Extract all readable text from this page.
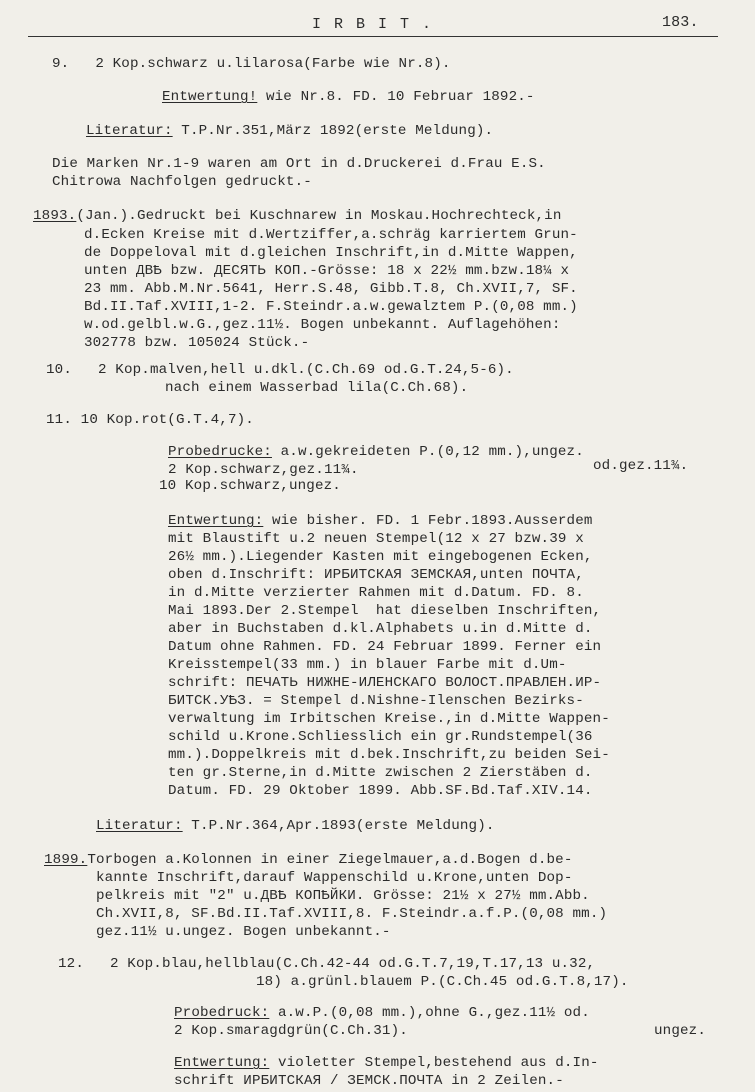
I R B I T .	183.
9.   2 Kop.schwarz u.lilarosa(Farbe wie Nr.8).
Entwertung! wie Nr.8. FD. 10 Februar 1892.-
Literatur: T.P.Nr.351,März 1892(erste Meldung).
Die Marken Nr.1-9 waren am Ort in d.Druckerei d.Frau E.S.
Chitrowa Nachfolgen gedruckt.-
1893.(Jan.).Gedruckt bei Kuschnarew in Moskau.Hochrechteck,in
d.Ecken Kreise mit d.Wertziffer,a.schräg karriertem Grun-
de Doppeloval mit d.gleichen Inschrift,in d.Mitte Wappen,
unten ДВѢ bzw. ДЕСЯТЬ КОП.-Grösse: 18 x 22½ mm.bzw.18¼ x
23 mm. Abb.M.Nr.5641, Herr.S.48, Gibb.T.8, Ch.XVII,7, SF.
Bd.II.Taf.XVIII,1-2. F.Steindr.a.w.gewalztem P.(0,08 mm.)
w.od.gelbl.w.G.,gez.11½. Bogen unbekannt. Auflagehöhen:
302778 bzw. 105024 Stück.-
10.   2 Kop.malven,hell u.dkl.(C.Ch.69 od.G.T.24,5-6).
nach einem Wasserbad lila(C.Ch.68).
11. 10 Kop.rot(G.T.4,7).
Probedrucke: a.w.gekreideten P.(0,12 mm.),ungez.
2 Kop.schwarz,gez.11¾.	od.gez.11¾.
10 Kop.schwarz,ungez.
Entwertung: wie bisher. FD. 1 Febr.1893.Ausserdem
mit Blaustift u.2 neuen Stempel(12 x 27 bzw.39 x
26½ mm.).Liegender Kasten mit eingebogenen Ecken,
oben d.Inschrift: ИРБИТСКАЯ ЗЕМСКАЯ,unten ПОЧТА,
in d.Mitte verzierter Rahmen mit d.Datum. FD. 8.
Mai 1893.Der 2.Stempel  hat dieselben Inschriften,
aber in Buchstaben d.kl.Alphabets u.in d.Mitte d.
Datum ohne Rahmen. FD. 24 Februar 1899. Ferner ein
Kreisstempel(33 mm.) in blauer Farbe mit d.Um-
schrift: ПЕЧАТЬ НИЖНЕ-ИЛЕНСКАГО ВОЛОСТ.ПРАВЛЕН.ИР-
БИТСК.УѢЗ. = Stempel d.Nishne-Ilenschen Bezirks-
verwaltung im Irbitschen Kreise.,in d.Mitte Wappen-
schild u.Krone.Schliesslich ein gr.Rundstempel(36
mm.).Doppelkreis mit d.bek.Inschrift,zu beiden Sei-
ten gr.Sterne,in d.Mitte zwischen 2 Zierstäben d.
Datum. FD. 29 Oktober 1899. Abb.SF.Bd.Taf.XIV.14.
Literatur: T.P.Nr.364,Apr.1893(erste Meldung).
1899.Torbogen a.Kolonnen in einer Ziegelmauer,a.d.Bogen d.be-
kannte Inschrift,darauf Wappenschild u.Krone,unten Dop-
pelkreis mit "2" u.ДВѢ КОПѢЙКИ. Grösse: 21½ x 27½ mm.Abb.
Ch.XVII,8, SF.Bd.II.Taf.XVIII,8. F.Steindr.a.f.P.(0,08 mm.)
gez.11½ u.ungez. Bogen unbekannt.-
12.   2 Kop.blau,hellblau(C.Ch.42-44 od.G.T.7,19,T.17,13 u.32,
18) a.grünl.blauem P.(C.Ch.45 od.G.T.8,17).
Probedruck: a.w.P.(0,08 mm.),ohne G.,gez.11½ od.
2 Kop.smaragdgrün(C.Ch.31).	ungez.
Entwertung: violetter Stempel,bestehend aus d.In-
schrift ИРБИТСКАЯ / ЗЕМСК.ПОЧТА in 2 Zeilen.-
